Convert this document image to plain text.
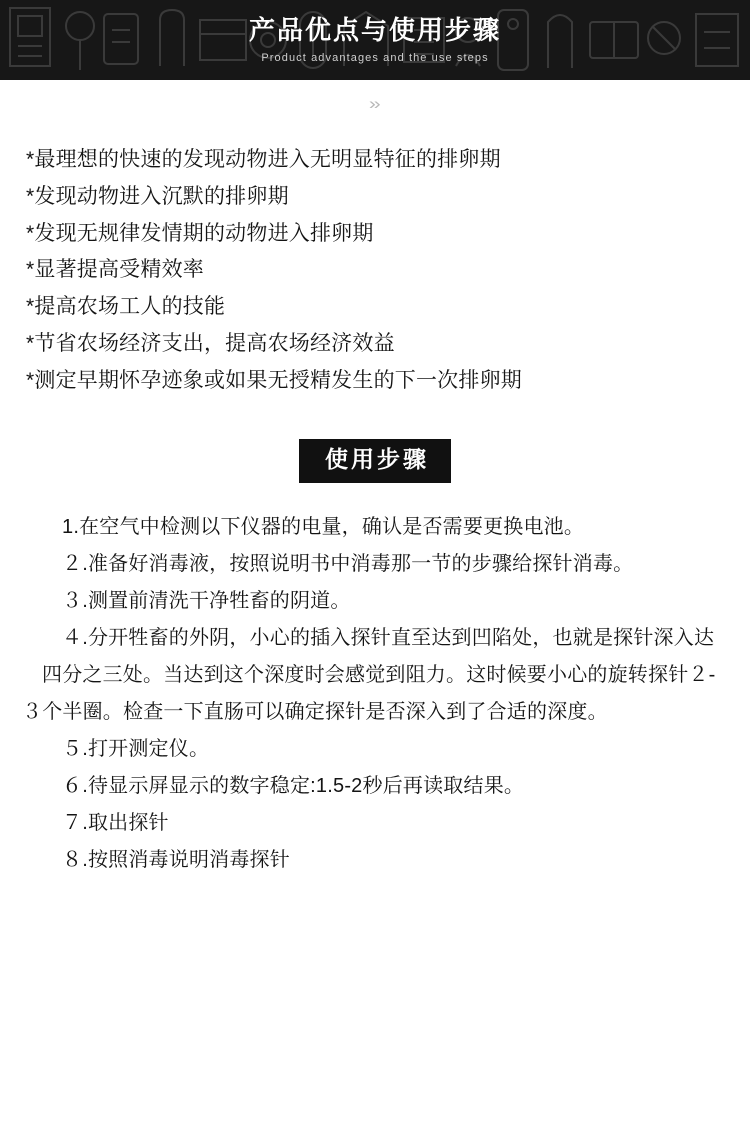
产品优点与使用步骤
Product advantages and the use steps
»
*最理想的快速的发现动物进入无明显特征的排卵期
*发现动物进入沉默的排卵期
*发现无规律发情期的动物进入排卵期
*显著提高受精效率
*提高农场工人的技能
*节省农场经济支出，提高农场经济效益
*测定早期怀孕迹象或如果无授精发生的下一次排卵期
使用步骤

1.在空气中检测以下仪器的电量，确认是否需要更换电池。

２.准备好消毒液，按照说明书中消毒那一节的步骤给探针消毒。

３.测置前清洗干净牲畜的阴道。

４.分开牲畜的外阴，小心的插入探针直至达到凹陷处，也就是探针深入达

四分之三处。当达到这个深度时会感觉到阻力。这时候要小心的旋转探针２-３个半圈。检查一下直肠可以确定探针是否深入到了合适的深度。

５.打开测定仪。

６.待显示屏显示的数字稳定:1.5-2秒后再读取结果。

７.取出探针

８.按照消毒说明消毒探针
